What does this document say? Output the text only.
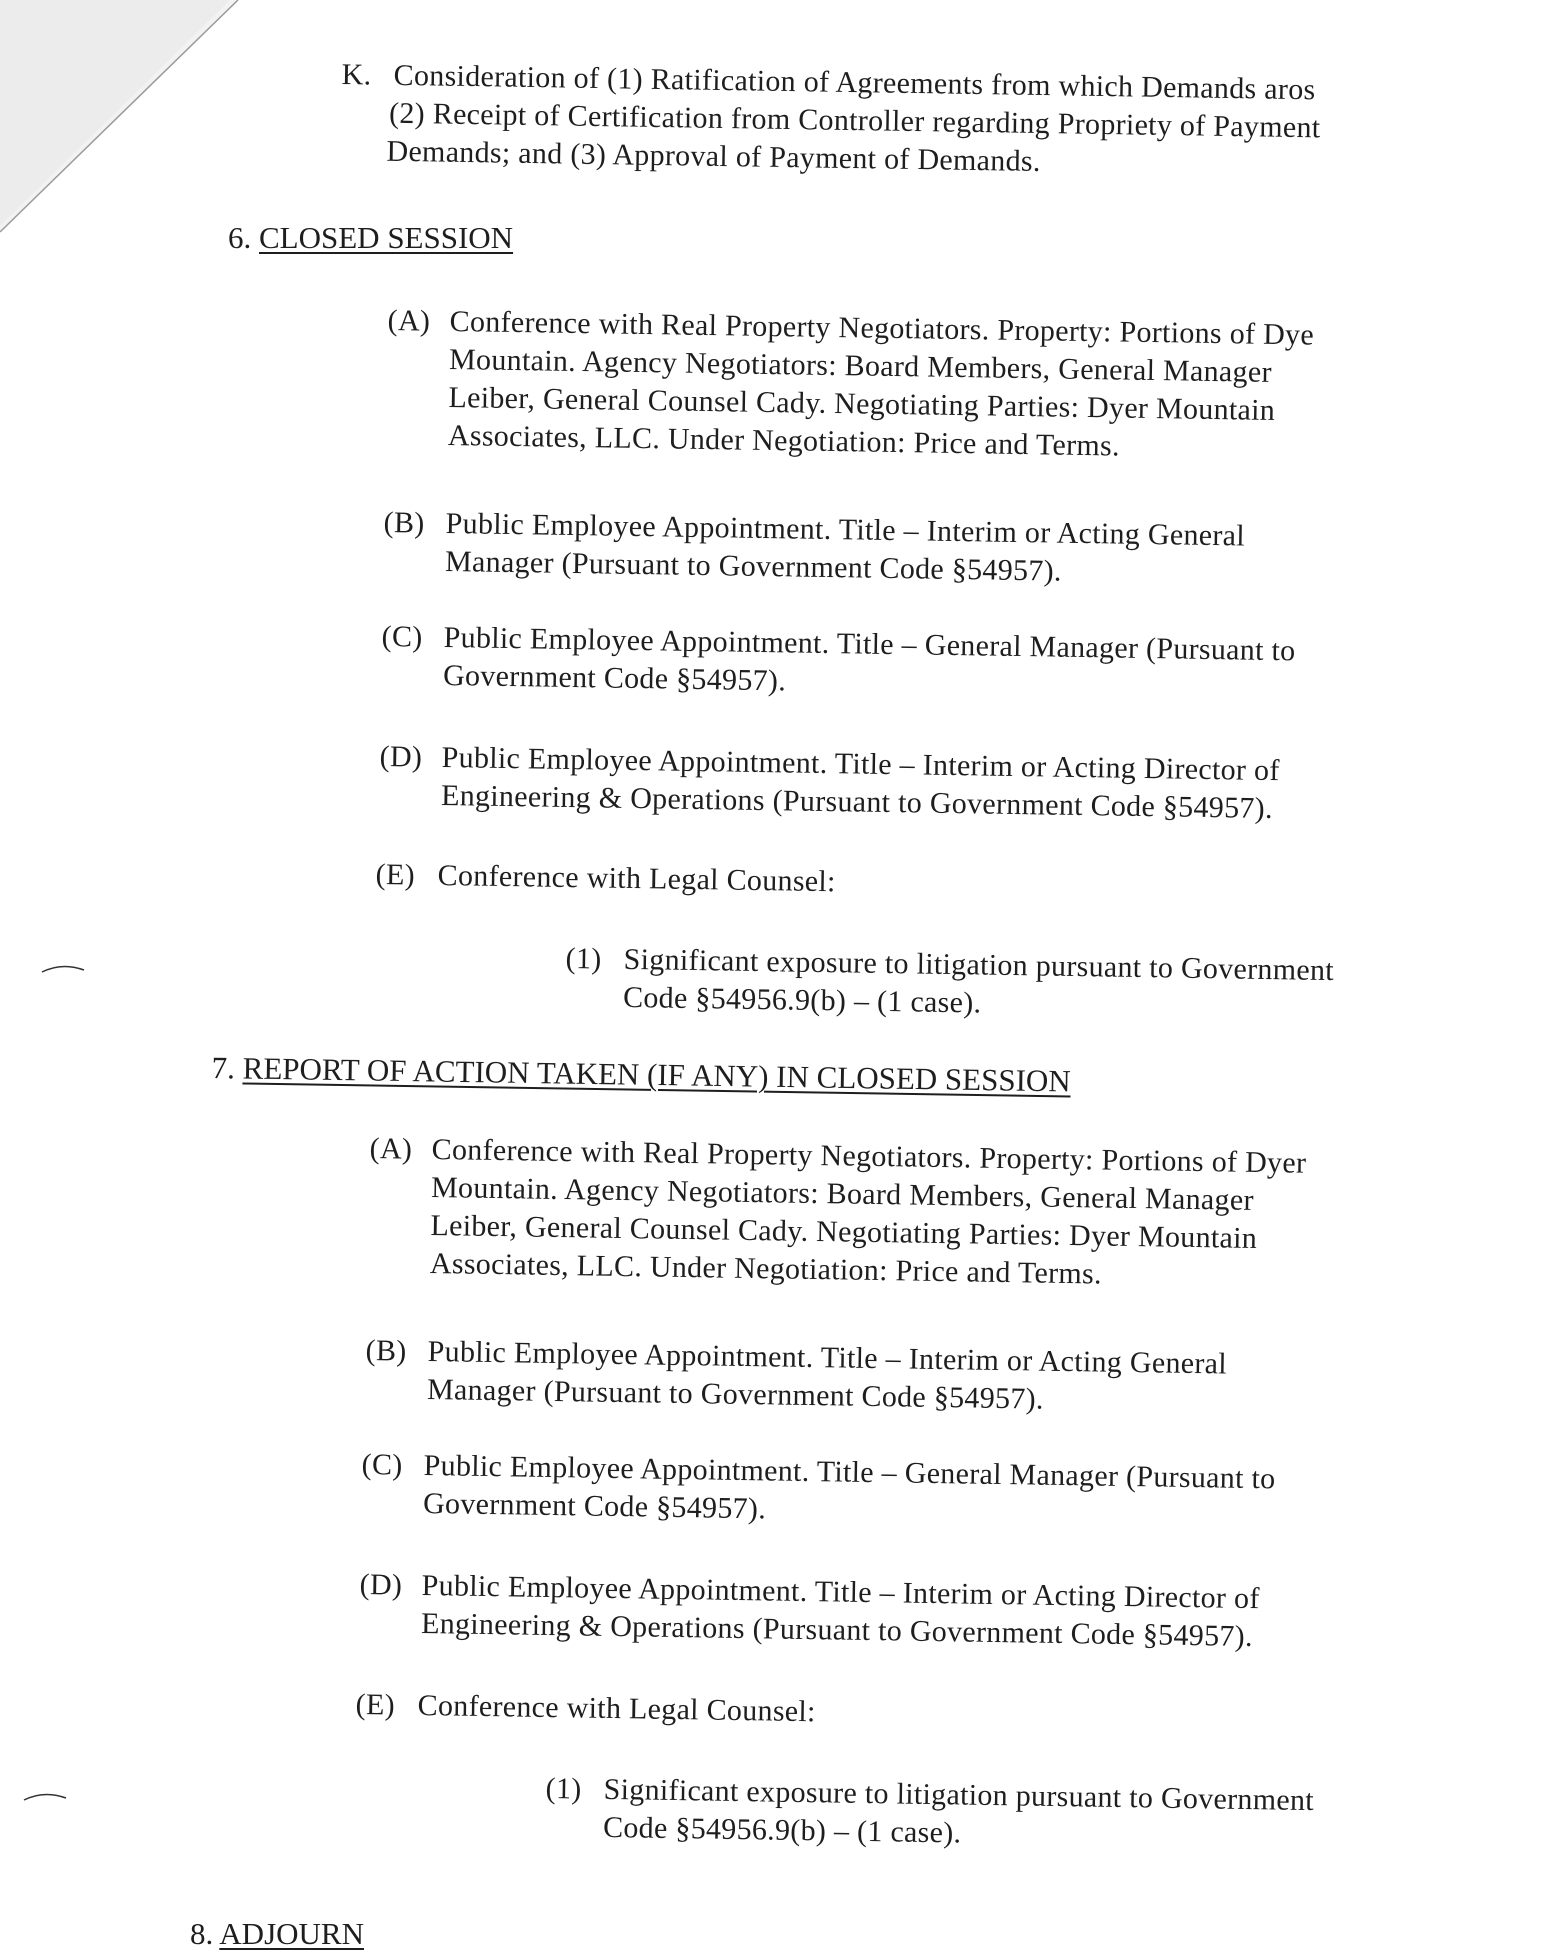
K. Consideration of (1) Ratification of Agreements from which Demands aros
(2) Receipt of Certification from Controller regarding Propriety of Payment
Demands; and (3) Approval of Payment of Demands.
6. CLOSED SESSION
(A) Conference with Real Property Negotiators. Property: Portions of Dye
Mountain. Agency Negotiators: Board Members, General Manager
Leiber, General Counsel Cady. Negotiating Parties: Dyer Mountain
Associates, LLC. Under Negotiation: Price and Terms.
(B) Public Employee Appointment. Title – Interim or Acting General
Manager (Pursuant to Government Code §54957).
(C) Public Employee Appointment. Title – General Manager (Pursuant to
Government Code §54957).
(D) Public Employee Appointment. Title – Interim or Acting Director of
Engineering & Operations (Pursuant to Government Code §54957).
(E) Conference with Legal Counsel:
(1) Significant exposure to litigation pursuant to Government
Code §54956.9(b) – (1 case).
7. REPORT OF ACTION TAKEN (IF ANY) IN CLOSED SESSION
(A) Conference with Real Property Negotiators. Property: Portions of Dyer
Mountain. Agency Negotiators: Board Members, General Manager
Leiber, General Counsel Cady. Negotiating Parties: Dyer Mountain
Associates, LLC. Under Negotiation: Price and Terms.
(B) Public Employee Appointment. Title – Interim or Acting General
Manager (Pursuant to Government Code §54957).
(C) Public Employee Appointment. Title – General Manager (Pursuant to
Government Code §54957).
(D) Public Employee Appointment. Title – Interim or Acting Director of
Engineering & Operations (Pursuant to Government Code §54957).
(E) Conference with Legal Counsel:
(1) Significant exposure to litigation pursuant to Government
Code §54956.9(b) – (1 case).
8. ADJOURN
